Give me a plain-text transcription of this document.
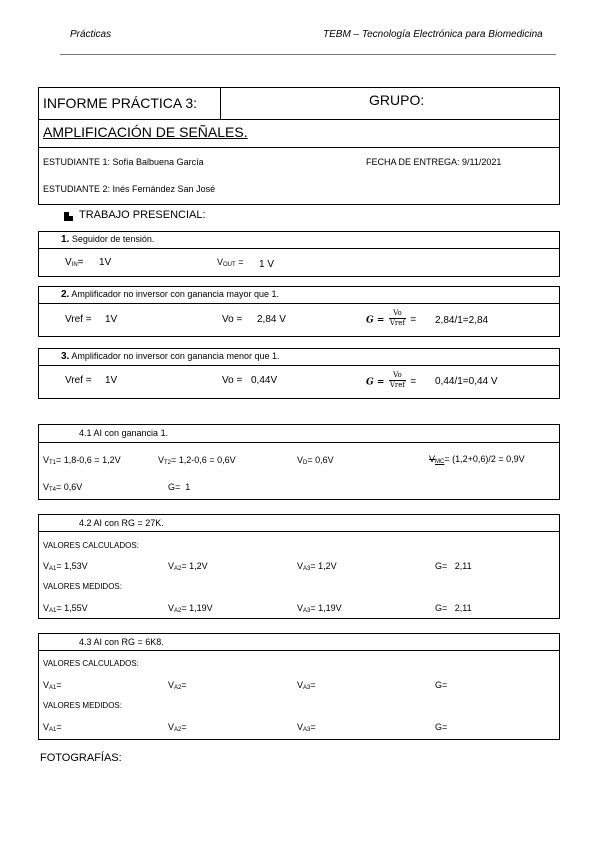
Prácticas	TEBM – Tecnología Electrónica para Biomedicina
INFORME PRÁCTICA 3:	GRUPO:
AMPLIFICACIÓN DE SEÑALES.
ESTUDIANTE 1: Sofía Balbuena García	FECHA DE ENTREGA: 9/11/2021
ESTUDIANTE 2: Inés Fernández San José
TRABAJO PRESENCIAL:
1. Seguidor de tensión.
$V_{IN}= 1V$	$V_{OUT} = 1$ V
2. Amplificador no inversor con ganancia mayor que 1.
Vref = 1V	Vo = 2,84 V	$G = \frac{Vo}{\text{Vref}} = 2,84/1=2,84$
3. Amplificador no inversor con ganancia menor que 1.
Vref = 1V	Vo = 0,44V	$G = \frac{Vo}{\text{Vref}} = 0,44/1=0,44$ V
4.1 AI con ganancia 1.
$V_{T1}= 1,8-0,6 = 1,2V$	$V_{T2}= 1,2-0,6 = 0,6V$	$V_D= 0,6V$	$V_{MC}= (1,2+0,6)/2 = 0,9V$
$V_{T4}= 0,6V$	G= 1
4.2 AI con RG = 27K.
VALORES CALCULADOS:
$V_{A1}= 1,53V$	$V_{A2}= 1,2V$	$V_{A3}= 1,2V$	G= 2,11
VALORES MEDIDOS:
$V_{A1}= 1,55V$	$V_{A2}= 1,19V$	$V_{A3}= 1,19V$	G= 2,11
4.3 AI con RG = 6K8.
VALORES CALCULADOS:
$V_{A1}=$	$V_{A2}=$	$V_{A3}=$	G=
VALORES MEDIDOS:
$V_{A1}=$	$V_{A2}=$	$V_{A3}=$	G=
FOTOGRAFÍAS:
